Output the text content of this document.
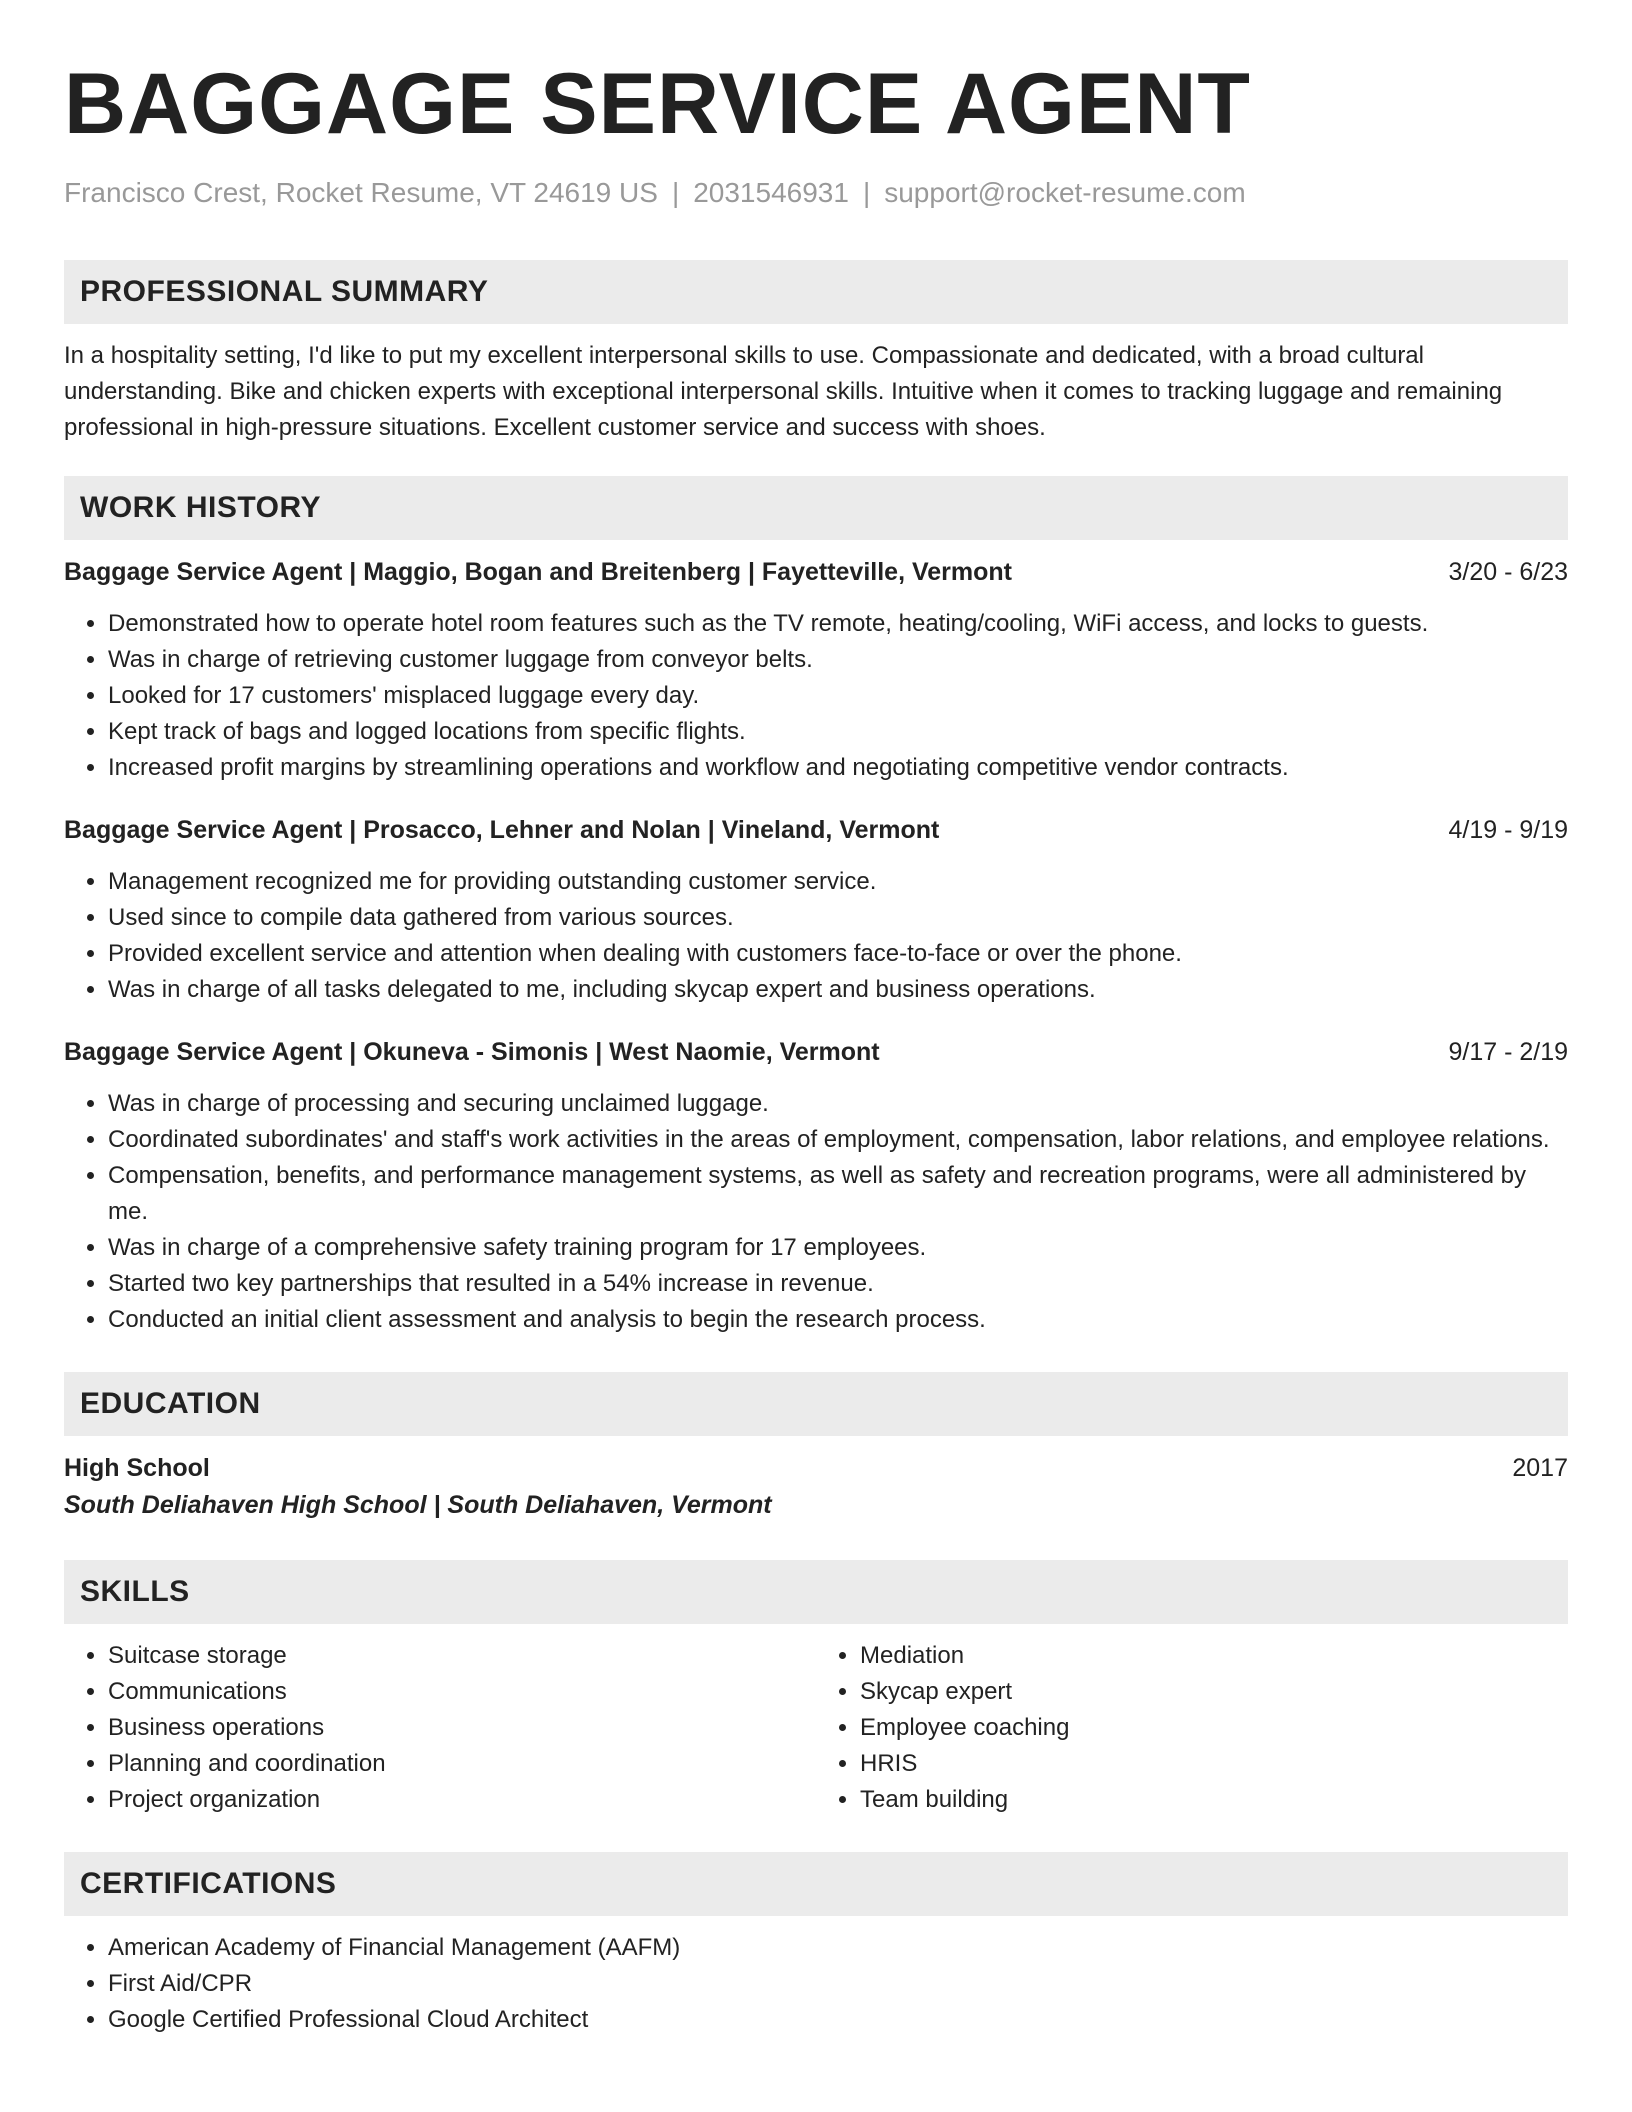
BAGGAGE SERVICE AGENT
Francisco Crest, Rocket Resume, VT 24619 US | 2031546931 | support@rocket-resume.com
PROFESSIONAL SUMMARY
In a hospitality setting, I'd like to put my excellent interpersonal skills to use. Compassionate and dedicated, with a broad cultural understanding. Bike and chicken experts with exceptional interpersonal skills. Intuitive when it comes to tracking luggage and remaining professional in high-pressure situations. Excellent customer service and success with shoes.
WORK HISTORY
Baggage Service Agent | Maggio, Bogan and Breitenberg | Fayetteville, Vermont	3/20 - 6/23
• Demonstrated how to operate hotel room features such as the TV remote, heating/cooling, WiFi access, and locks to guests.
• Was in charge of retrieving customer luggage from conveyor belts.
• Looked for 17 customers' misplaced luggage every day.
• Kept track of bags and logged locations from specific flights.
• Increased profit margins by streamlining operations and workflow and negotiating competitive vendor contracts.
Baggage Service Agent | Prosacco, Lehner and Nolan | Vineland, Vermont	4/19 - 9/19
• Management recognized me for providing outstanding customer service.
• Used since to compile data gathered from various sources.
• Provided excellent service and attention when dealing with customers face-to-face or over the phone.
• Was in charge of all tasks delegated to me, including skycap expert and business operations.
Baggage Service Agent | Okuneva - Simonis | West Naomie, Vermont	9/17 - 2/19
• Was in charge of processing and securing unclaimed luggage.
• Coordinated subordinates' and staff's work activities in the areas of employment, compensation, labor relations, and employee relations.
• Compensation, benefits, and performance management systems, as well as safety and recreation programs, were all administered by me.
• Was in charge of a comprehensive safety training program for 17 employees.
• Started two key partnerships that resulted in a 54% increase in revenue.
• Conducted an initial client assessment and analysis to begin the research process.
EDUCATION
High School	2017
South Deliahaven High School | South Deliahaven, Vermont
SKILLS
• Suitcase storage
• Communications
• Business operations
• Planning and coordination
• Project organization
• Mediation
• Skycap expert
• Employee coaching
• HRIS
• Team building
CERTIFICATIONS
• American Academy of Financial Management (AAFM)
• First Aid/CPR
• Google Certified Professional Cloud Architect
